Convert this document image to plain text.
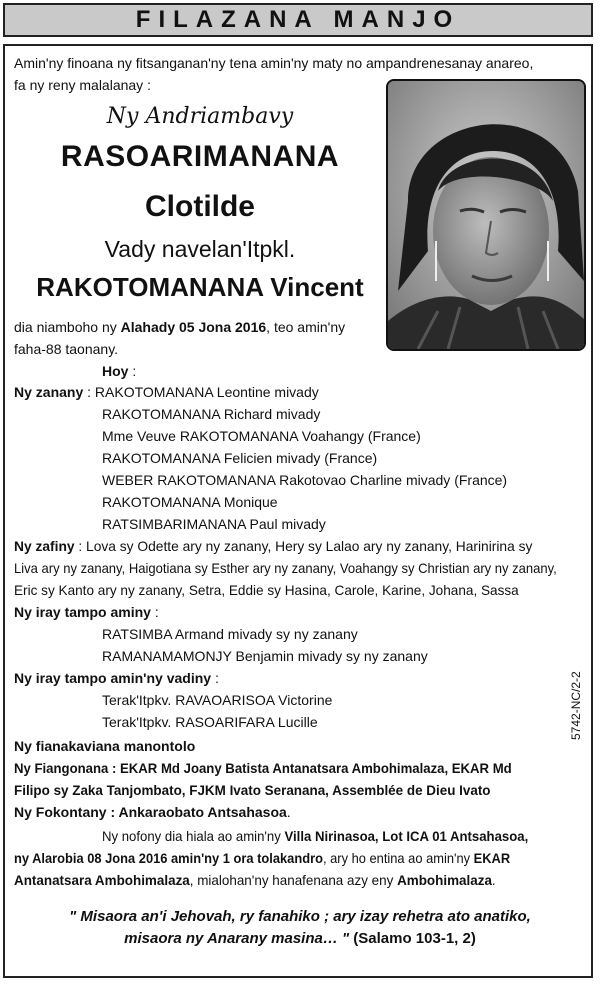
FILAZANA MANJO
Amin'ny finoana ny fitsanganan'ny tena amin'ny maty no ampandrenesanay anareo,
fa ny reny malalanay :
Ny Andriambavy
RASOARIMANANA
Clotilde
Vady navelan'Itpkl.
RAKOTOMANANA Vincent
dia niamboho ny Alahady 05 Jona 2016, teo amin'ny
faha-88 taonany.
Hoy :
Ny zanany : RAKOTOMANANA Leontine mivady
RAKOTOMANANA Richard mivady
Mme Veuve RAKOTOMANANA Voahangy (France)
RAKOTOMANANA Felicien mivady (France)
WEBER RAKOTOMANANA Rakotovao Charline mivady (France)
RAKOTOMANANA Monique
RATSIMBARIMANANA Paul mivady
Ny zafiny : Lova sy Odette ary ny zanany, Hery sy Lalao ary ny zanany, Harinirina sy
Liva ary ny zanany, Haigotiana sy Esther ary ny zanany, Voahangy sy Christian ary ny zanany,
Eric sy Kanto ary ny zanany, Setra, Eddie sy Hasina, Carole, Karine, Johana, Sassa
Ny iray tampo aminy :
RATSIMBA Armand mivady sy ny zanany
RAMANAMAMONJY Benjamin mivady sy ny zanany
Ny iray tampo amin'ny vadiny :
Terak'Itpkv. RAVAOARISOA Victorine
Terak'Itpkv. RASOARIFARA Lucille
Ny fianakaviana manontolo
Ny Fiangonana : EKAR Md Joany Batista Antanatsara Ambohimalaza, EKAR Md
Filipo sy Zaka Tanjombato, FJKM Ivato Seranana, Assemblée de Dieu Ivato
Ny Fokontany : Ankaraobato Antsahasoa.
Ny nofony dia hiala ao amin'ny Villa Nirinasoa, Lot ICA 01 Antsahasoa,
ny Alarobia 08 Jona 2016 amin'ny 1 ora tolakandro, ary ho entina ao amin'ny EKAR
Antanatsara Ambohimalaza, mialohan'ny hanafenana azy eny Ambohimalaza.
" Misaora an'i Jehovah, ry fanahiko ; ary izay rehetra ato anatiko,
misaora ny Anarany masina… " (Salamo 103-1, 2)
5742-NC/2-2
